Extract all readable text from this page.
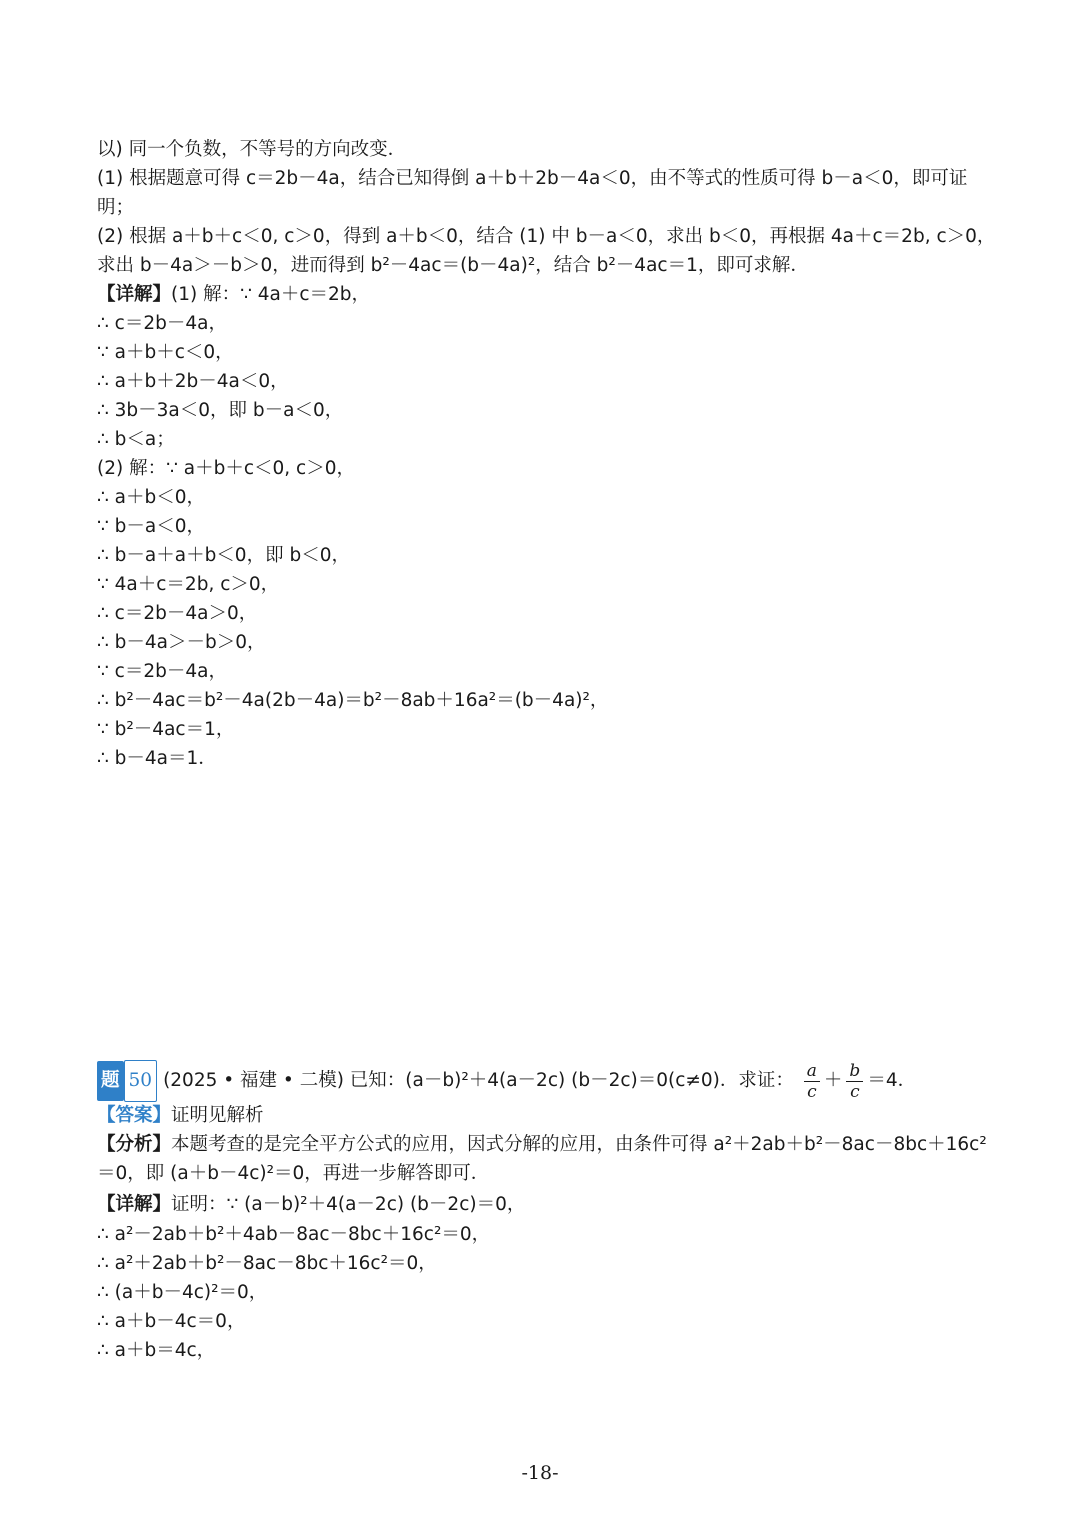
以) 同一个负数，不等号的方向改变．
(1) 根据题意可得 c＝2b－4a，结合已知得倒 a＋b＋2b－4a＜0，由不等式的性质可得 b－a＜0，即可证
明；
(2) 根据 a＋b＋c＜0, c＞0，得到 a＋b＜0，结合 (1) 中 b－a＜0，求出 b＜0，再根据 4a＋c＝2b, c＞0，
求出 b－4a＞－b＞0，进而得到 b²－4ac＝(b－4a)²，结合 b²－4ac＝1，即可求解．
【详解】(1) 解：∵ 4a＋c＝2b，
∴ c＝2b－4a，
∵ a＋b＋c＜0，
∴ a＋b＋2b－4a＜0，
∴ 3b－3a＜0，即 b－a＜0，
∴ b＜a；
(2) 解：∵ a＋b＋c＜0, c＞0，
∴ a＋b＜0，
∵ b－a＜0，
∴ b－a＋a＋b＜0，即 b＜0，
∵ 4a＋c＝2b, c＞0，
∴ c＝2b－4a＞0，
∴ b－4a＞－b＞0，
∵ c＝2b－4a，
∴ b²－4ac＝b²－4a(2b－4a)＝b²－8ab＋16a²＝(b－4a)²，
∵ b²－4ac＝1，
∴ b－4a＝1．
题 50 (2025 • 福建 • 二模) 已知：(a－b)²＋4(a－2c) (b－2c)＝0(c≠0)．求证： $\frac{a}{c} + \frac{b}{c} =4$．
【答案】证明见解析
【分析】本题考查的是完全平方公式的应用，因式分解的应用，由条件可得 a²＋2ab＋b²－8ac－8bc＋16c²
＝0，即 (a＋b－4c)²＝0，再进一步解答即可．
【详解】证明：∵ (a－b)²＋4(a－2c) (b－2c)＝0，
∴ a²－2ab＋b²＋4ab－8ac－8bc＋16c²＝0，
∴ a²＋2ab＋b²－8ac－8bc＋16c²＝0，
∴ (a＋b－4c)²＝0，
∴ a＋b－4c＝0，
∴ a＋b＝4c，
-18-
